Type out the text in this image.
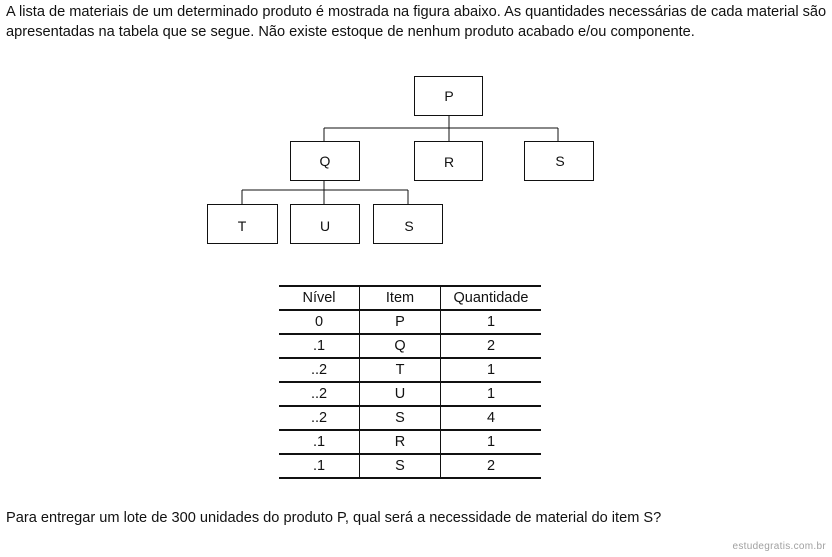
A lista de materiais de um determinado produto é mostrada na figura abaixo. As quantidades necessárias de cada material são apresentadas na tabela que se segue. Não existe estoque de nenhum produto acabado e/ou componente.

P
Q	R	S
T	U	S
Nível	Item	Quantidade
0	P	1
.1	Q	2
..2	T	1
..2	U	1
..2	S	4
.1	R	1
.1	S	2

Para entregar um lote de 300 unidades do produto P, qual será a necessidade de material do item S?

estudegratis.com.br
